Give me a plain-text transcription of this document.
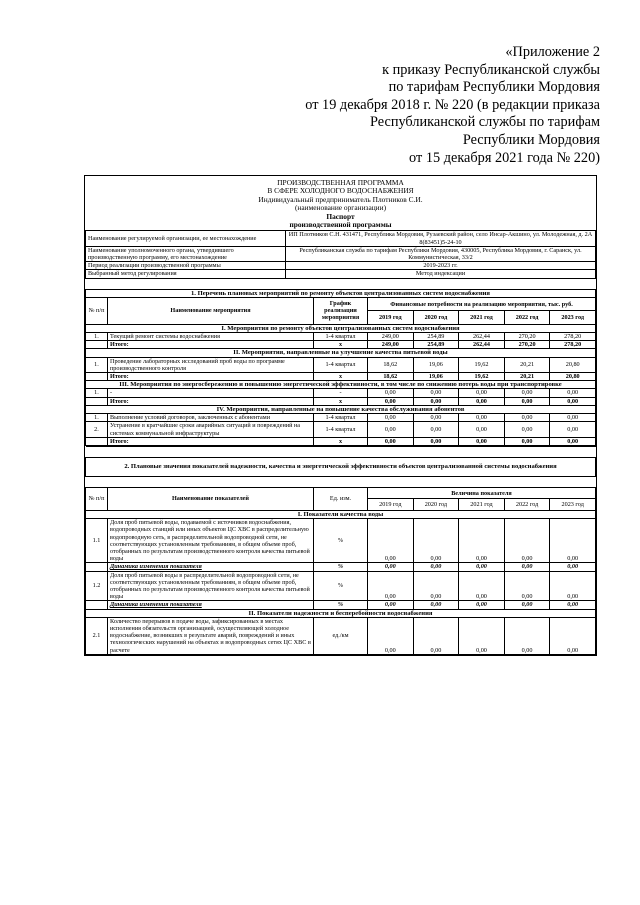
«Приложение 2
к приказу Республиканской службы
по тарифам Республики Мордовия
от 19 декабря 2018 г. № 220 (в редакции приказа
Республиканской службы по тарифам
Республики Мордовия
от 15 декабря 2021 года № 220)
ПРОИЗВОДСТВЕННАЯ ПРОГРАММА
В СФЕРЕ ХОЛОДНОГО ВОДОСНАБЖЕНИЯ
Индивидуальный предприниматель Плотников С.И.
(наименование организации)
Паспорт
производственной программы
Наименование регулируемой организации, ее местонахождение	ИП Плотников С.Н. 431471, Республика Мордовия, Рузаевский район, село Инсар-Акшино, ул. Молодежная, д. 2А 8(83451)5-24-10
Наименование уполномоченного органа, утвердившего производственную программу, его местонахождение	Республиканская служба по тарифам Республики Мордовия, 430005, Республика Мордовия, г. Саранск, ул. Коммунистическая, 33/2
Период реализации производственной программы	2019-2023 гг.
Выбранный метод регулирования	Метод индексации

1. Перечень плановых мероприятий по ремонту объектов централизованных систем водоснабжения							
№ п/п	Наименование мероприятия	График реализации мероприятия	Финансовые потребности на реализацию мероприятия, тыс. руб.				
			2019 год	2020 год	2021 год	2022 год	2023 год
I. Мероприятия по ремонту объектов централизованных систем водоснабжения							
1.	Текущий ремонт системы водоснабжения	1-4 квартал	249,00	254,89	262,44	270,20	278,20
	Итого:	x	249,00	254,89	262,44	270,20	278,20
II. Мероприятия, направленные на улучшение качества питьевой воды							
1.	Проведение лабораторных исследований проб воды по программе производственного контроля	1-4 квартал	18,62	19,06	19,62	20,21	20,80
	Итого:	x	18,62	19,06	19,62	20,21	20,80
III. Мероприятия по энергосбережению и повышению энергетической эффективности, в том числе по снижению потерь воды при транспортировке							
1.	-	-	0,00	0,00	0,00	0,00	0,00
	Итого:	x	0,00	0,00	0,00	0,00	0,00
IV. Мероприятия, направленные на повышение качества обслуживания абонентов							
1.	Выполнение условий договоров, заключенных с абонентами	1-4 квартал	0,00	0,00	0,00	0,00	0,00
2.	Устранение в кратчайшие сроки аварийных ситуаций и повреждений на системах коммунальной инфраструктуры	1-4 квартал	0,00	0,00	0,00	0,00	0,00
	Итого:	x	0,00	0,00	0,00	0,00	0,00

2. Плановые значения показателей надежности, качества и энергетической эффективности объектов централизованной системы водоснабжения							

№ п/п	Наименование показателей	Ед. изм.	Величина показателя				
			2019 год	2020 год	2021 год	2022 год	2023 год
I. Показатели качества воды							
1.1	Доля проб питьевой воды, подаваемой с источников водоснабжения, водопроводных станций или иных объектов ЦС ХВС в распределительную водопроводную сеть, в распределительной водопроводной сети, не соответствующих установленным требованиям, в общем объеме проб, отобранных по результатам производственного контроля качества питьевой воды	%	0,00	0,00	0,00	0,00	0,00
	Динамика изменения показателя	%	0,00	0,00	0,00	0,00	0,00
1.2	Доля проб питьевой воды в распределительной водопроводной сети, не соответствующих установленным требованиям, в общем объеме проб, отобранных по результатам производственного контроля качества питьевой воды	%	0,00	0,00	0,00	0,00	0,00
	Динамика изменения показателя	%	0,00	0,00	0,00	0,00	0,00
II. Показатели надежности и бесперебойности водоснабжения							
2.1	Количество перерывов в подаче воды, зафиксированных в местах исполнения обязательств организацией, осуществляющей холодное водоснабжение, возникших в результате аварий, повреждений и иных технологических нарушений на объектах и водопроводных сетях ЦС ХВС в расчете	ед./км	0,00	0,00	0,00	0,00	0,00
